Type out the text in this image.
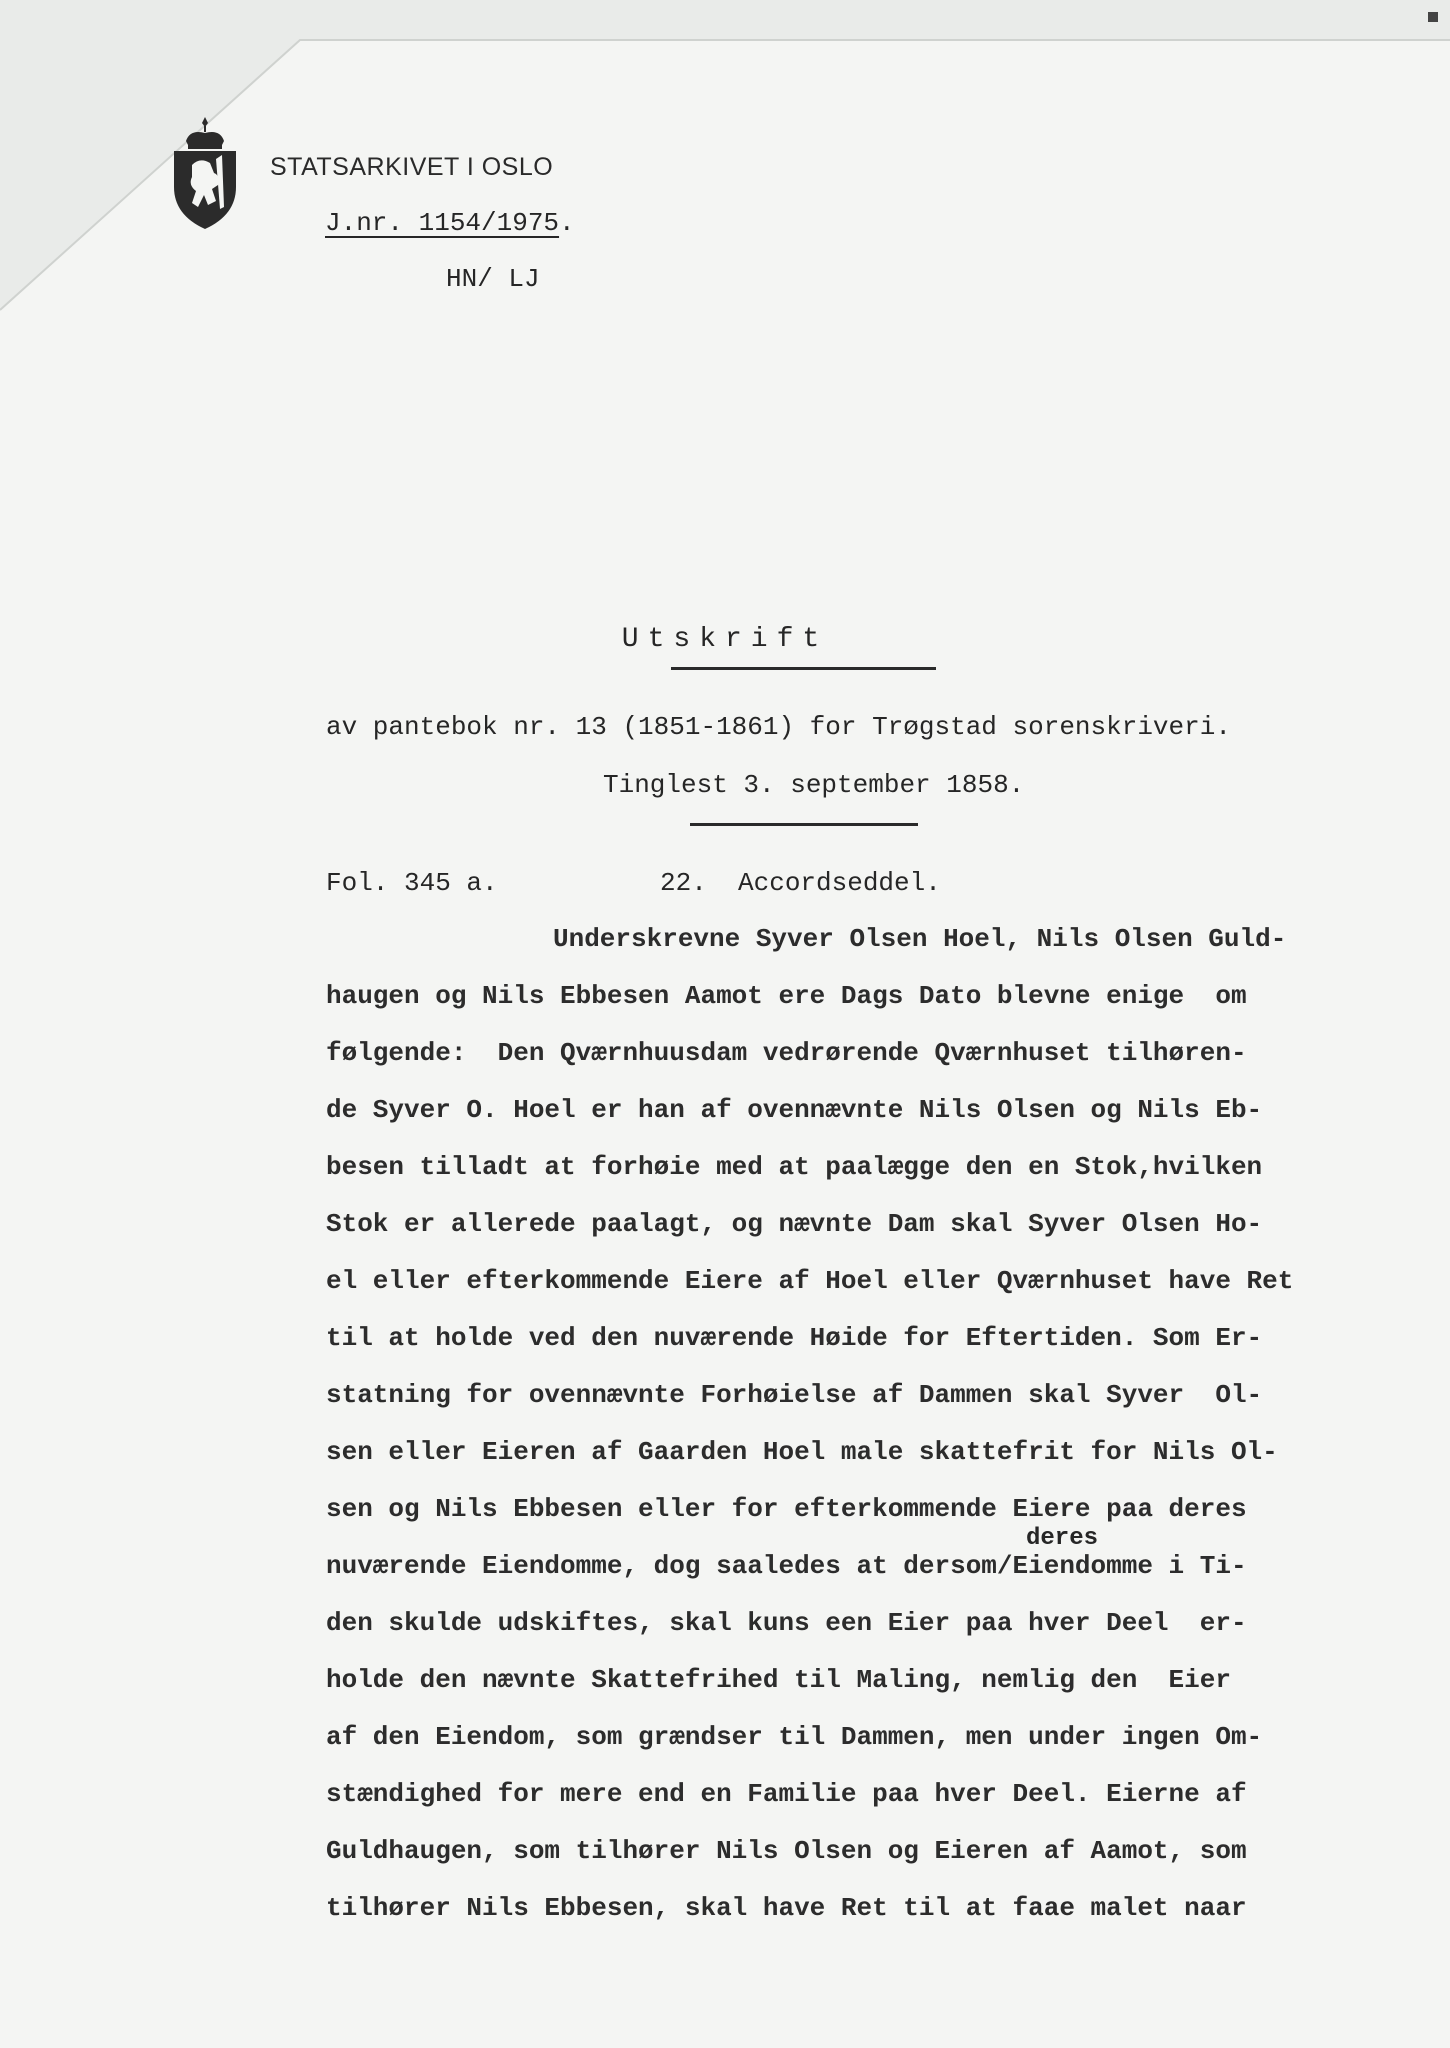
STATSARKIVET I OSLO
J.nr. 1154/1975.
HN/ LJ
Utskrift
av pantebok nr. 13 (1851-1861) for Trøgstad sorenskriveri.
Tinglest 3. september 1858.
Fol. 345 a.	22.  Accordseddel.
Underskrevne Syver Olsen Hoel, Nils Olsen Guld-
haugen og Nils Ebbesen Aamot ere Dags Dato blevne enige  om
følgende:  Den Qværnhuusdam vedrørende Qværnhuset tilhøren-
de Syver O. Hoel er han af ovennævnte Nils Olsen og Nils Eb-
besen tilladt at forhøie med at paalægge den en Stok,hvilken
Stok er allerede paalagt, og nævnte Dam skal Syver Olsen Ho-
el eller efterkommende Eiere af Hoel eller Qværnhuset have Ret
til at holde ved den nuværende Høide for Eftertiden. Som Er-
statning for ovennævnte Forhøielse af Dammen skal Syver  Ol-
sen eller Eieren af Gaarden Hoel male skattefrit for Nils Ol-
sen og Nils Ebbesen eller for efterkommende Eiere paa deres
nuværende Eiendomme, dog saaledes at dersom/Eiendomme i Ti-
den skulde udskiftes, skal kuns een Eier paa hver Deel  er-
holde den nævnte Skattefrihed til Maling, nemlig den  Eier
af den Eiendom, som grændser til Dammen, men under ingen Om-
stændighed for mere end en Familie paa hver Deel. Eierne af
Guldhaugen, som tilhører Nils Olsen og Eieren af Aamot, som
tilhører Nils Ebbesen, skal have Ret til at faae malet naar
deres
